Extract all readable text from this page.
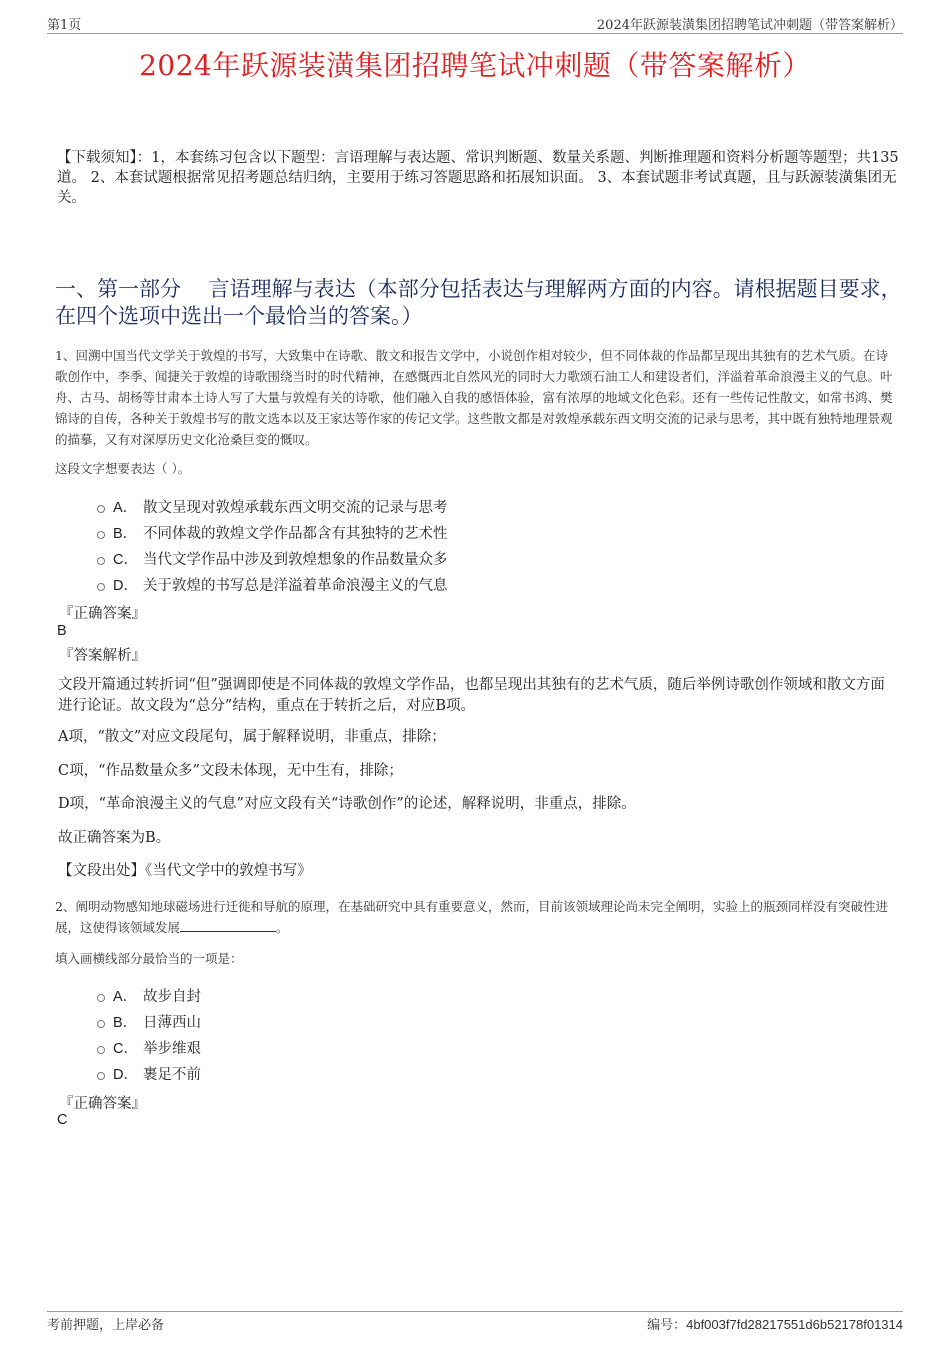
第1页	2024年跃源装潢集团招聘笔试冲刺题（带答案解析）
2024年跃源装潢集团招聘笔试冲刺题（带答案解析）
【下载须知】：1，本套练习包含以下题型：言语理解与表达题、常识判断题、数量关系题、判断推理题和资料分析题等题型；共135道。 2、本套试题根据常见招考题总结归纳，主要用于练习答题思路和拓展知识面。 3、本套试题非考试真题，且与跃源装潢集团无关。
一、第一部分　 言语理解与表达（本部分包括表达与理解两方面的内容。请根据题目要求，在四个选项中选出一个最恰当的答案。）
1、回溯中国当代文学关于敦煌的书写，大致集中在诗歌、散文和报告文学中，小说创作相对较少，但不同体裁的作品都呈现出其独有的艺术气质。在诗歌创作中，李季、闻捷关于敦煌的诗歌围绕当时的时代精神，在感慨西北自然风光的同时大力歌颂石油工人和建设者们，洋溢着革命浪漫主义的气息。叶舟、古马、胡杨等甘肃本土诗人写了大量与敦煌有关的诗歌，他们融入自我的感悟体验，富有浓厚的地域文化色彩。还有一些传记性散文，如常书鸿、樊锦诗的自传，各种关于敦煌书写的散文选本以及王家达等作家的传记文学。这些散文都是对敦煌承载东西文明交流的记录与思考，其中既有独特地理景观的描摹，又有对深厚历史文化沧桑巨变的慨叹。
这段文字想要表达（ ）。
A． 散文呈现对敦煌承载东西文明交流的记录与思考
B． 不同体裁的敦煌文学作品都含有其独特的艺术性
C． 当代文学作品中涉及到敦煌想象的作品数量众多
D． 关于敦煌的书写总是洋溢着革命浪漫主义的气息
『正确答案』
B
『答案解析』
文段开篇通过转折词“但”强调即使是不同体裁的敦煌文学作品，也都呈现出其独有的艺术气质，随后举例诗歌创作领域和散文方面进行论证。故文段为“总分”结构，重点在于转折之后，对应B项。
A项，“散文”对应文段尾句，属于解释说明，非重点，排除；
C项，“作品数量众多”文段未体现，无中生有，排除；
D项，“革命浪漫主义的气息”对应文段有关“诗歌创作”的论述，解释说明，非重点，排除。
故正确答案为B。
【文段出处】《当代文学中的敦煌书写》
2、阐明动物感知地球磁场进行迁徙和导航的原理，在基础研究中具有重要意义，然而，目前该领域理论尚未完全阐明，实验上的瓶颈同样没有突破性进展，这使得该领域发展	。
填入画横线部分最恰当的一项是：
A． 故步自封
B． 日薄西山
C． 举步维艰
D． 裹足不前
『正确答案』
C
考前押题，上岸必备	编号：4bf003f7fd28217551d6b52178f01314
